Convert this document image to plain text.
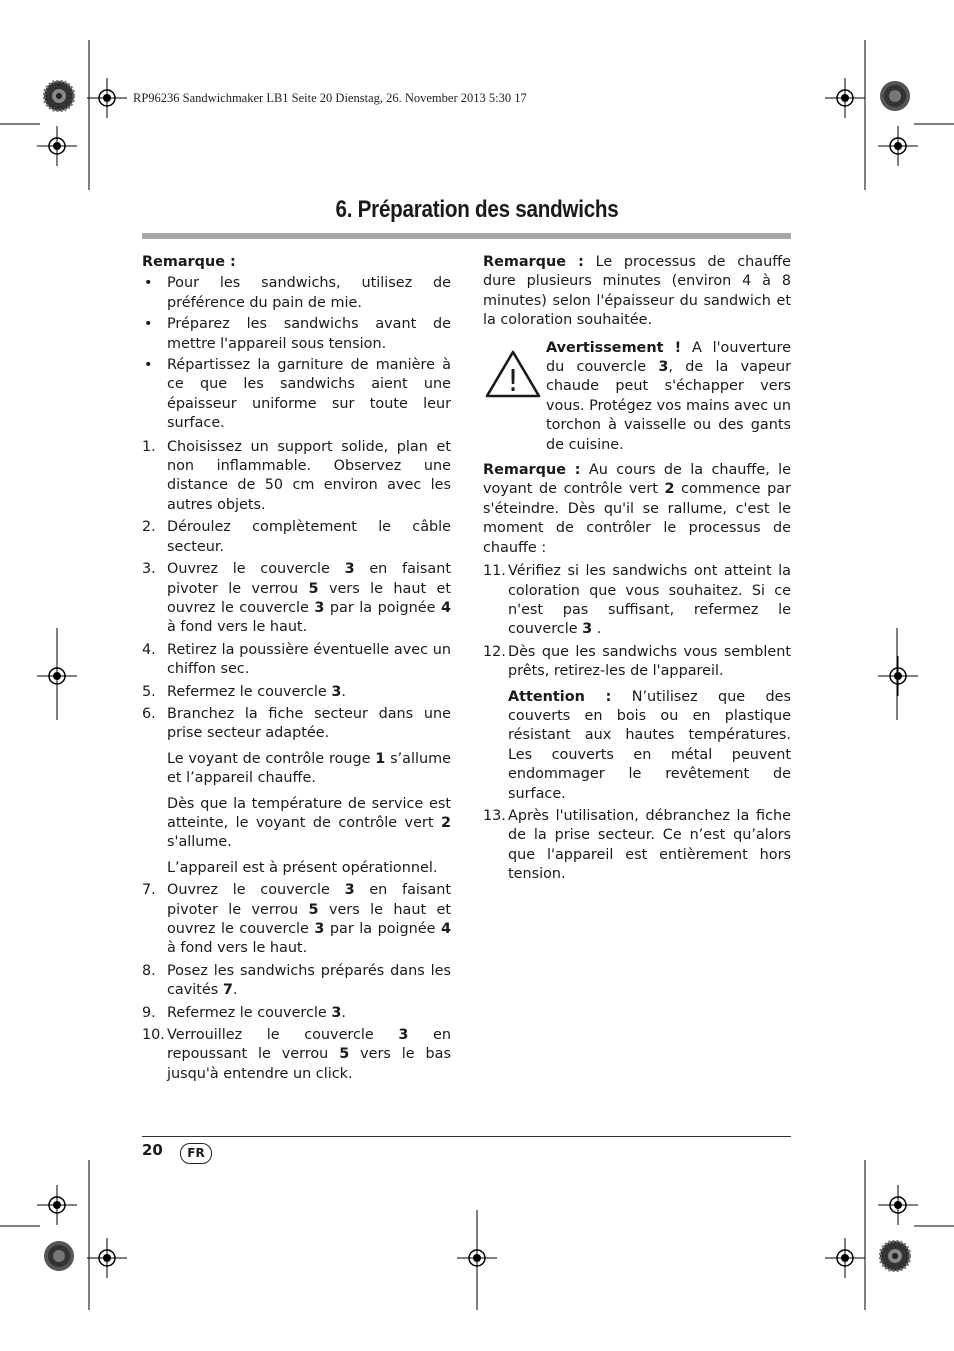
RP96236 Sandwichmaker LB1 Seite 20 Dienstag, 26. November 2013 5:30 17
6. Préparation des sandwichs

Remarque :

• Pour les sandwichs, utilisez de préférence du pain de mie.
• Préparez les sandwichs avant de mettre l'appareil sous tension.
• Répartissez la garniture de manière à ce que les sandwichs aient une épaisseur uniforme sur toute leur surface.
1. Choisissez un support solide, plan et non inflammable. Observez une distance de 50 cm environ avec les autres objets.
2. Déroulez complètement le câble secteur.
3. Ouvrez le couvercle 3 en faisant pivoter le verrou 5 vers le haut et ouvrez le couvercle 3 par la poignée 4 à fond vers le haut.
4. Retirez la poussière éventuelle avec un chiffon sec.
5. Refermez le couvercle 3.
6. Branchez la fiche secteur dans une prise secteur adaptée.
Le voyant de contrôle rouge 1 s’allume et l’appareil chauffe.
Dès que la température de service est atteinte, le voyant de contrôle vert 2 s'allume.
L’appareil est à présent opérationnel.
7. Ouvrez le couvercle 3 en faisant pivoter le verrou 5 vers le haut et ouvrez le couvercle 3 par la poignée 4 à fond vers le haut.
8. Posez les sandwichs préparés dans les cavités 7.
9. Refermez le couvercle 3.
10. Verrouillez le couvercle 3 en repoussant le verrou 5 vers le bas jusqu'à entendre un click.

Remarque : Le processus de chauffe dure plusieurs minutes (environ 4 à 8 minutes) selon l'épaisseur du sandwich et la coloration souhaitée.

!

Avertissement ! A l'ouverture du couvercle 3, de la vapeur chaude peut s'échapper vers vous. Protégez vos mains avec un torchon à vaisselle ou des gants de cuisine.

Remarque : Au cours de la chauffe, le voyant de contrôle vert 2 commence par s'éteindre. Dès qu'il se rallume, c'est le moment de contrôler le processus de chauffe :

11. Vérifiez si les sandwichs ont atteint la coloration que vous souhaitez. Si ce n'est pas suffisant, refermez le couvercle 3 .
12. Dès que les sandwichs vous semblent prêts, retirez-les de l'appareil.
Attention : N’utilisez que des couverts en bois ou en plastique résistant aux hautes températures. Les couverts en métal peuvent endommager le revêtement de surface.
13. Après l'utilisation, débranchez la fiche de la prise secteur. Ce n’est qu’alors que l'appareil est entièrement hors tension.
20	FR
